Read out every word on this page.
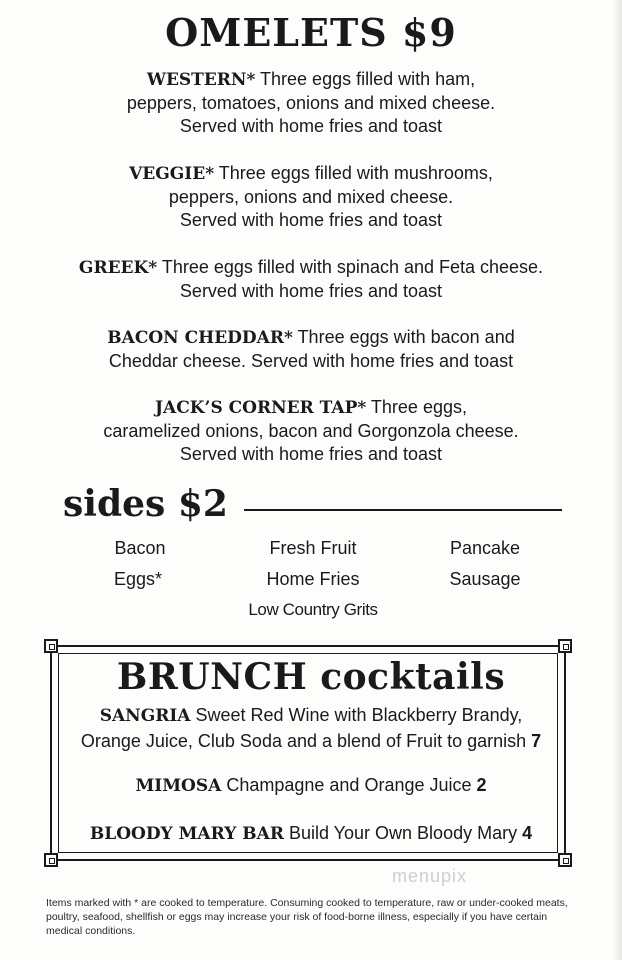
OMELETS $9
WESTERN* Three eggs filled with ham,
peppers, tomatoes, onions and mixed cheese.
Served with home fries and toast
VEGGIE* Three eggs filled with mushrooms,
peppers, onions and mixed cheese.
Served with home fries and toast
GREEK* Three eggs filled with spinach and Feta cheese.
Served with home fries and toast
BACON CHEDDAR* Three eggs with bacon and
Cheddar cheese. Served with home fries and toast
JACK’S CORNER TAP* Three eggs,
caramelized onions, bacon and Gorgonzola cheese.
Served with home fries and toast
sides $2
Bacon	Fresh Fruit	Pancake
Eggs*	Home Fries	Sausage
Low Country Grits
BRUNCH cocktails
SANGRIA Sweet Red Wine with Blackberry Brandy,
Orange Juice, Club Soda and a blend of Fruit to garnish 7
MIMOSA Champagne and Orange Juice 2
BLOODY MARY BAR Build Your Own Bloody Mary 4
menupix
Items marked with * are cooked to temperature. Consuming cooked to temperature, raw or under-cooked meats, poultry, seafood, shellfish or eggs may increase your risk of food-borne illness, especially if you have certain medical conditions.
